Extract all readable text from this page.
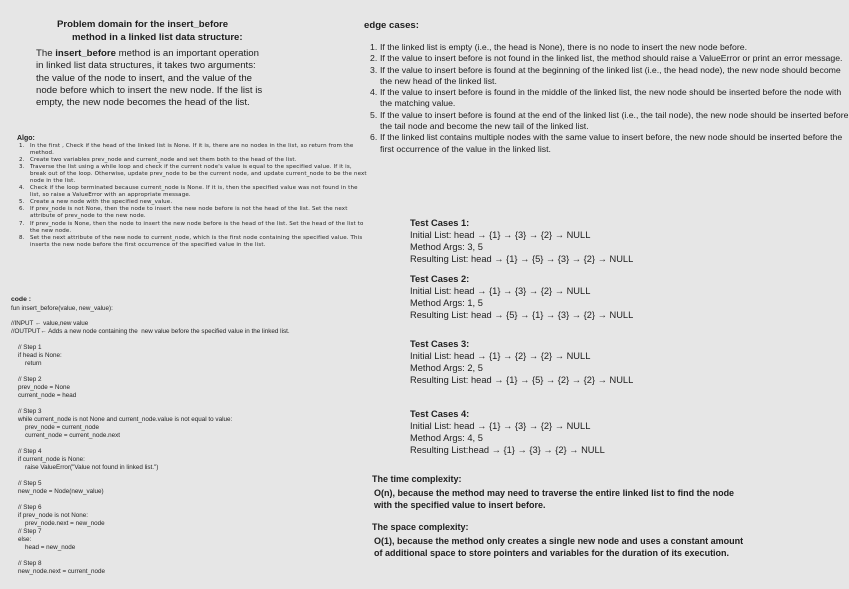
Problem domain for the insert_before
method in a linked list data structure:
The insert_before method is an important operation in linked list data structures, it takes two arguments: the value of the node to insert, and the value of the node before which to insert the new node. If the list is empty, the new node becomes the head of the list.
Algo:
In the first , Check if the head of the linked list is None. If it is, there are no nodes in the list, so return from the method.
Create two variables prev_node and current_node and set them both to the head of the list.
Traverse the list using a while loop and check if the current node's value is equal to the specified value. If it is, break out of the loop. Otherwise, update prev_node to be the current node, and update current_node to be the next node in the list.
Check if the loop terminated because current_node is None. If it is, then the specified value was not found in the list, so raise a ValueError with an appropriate message.
Create a new node with the specified new_value.
If prev_node is not None, then the node to insert the new node before is not the head of the list. Set the next attribute of prev_node to the new node.
If prev_node is None, then the node to insert the new node before is the head of the list. Set the head of the list to the new node.
Set the next attribute of the new node to current_node, which is the first node containing the specified value. This inserts the new node before the first occurrence of the specified value in the list.
code :
fun insert_before(value, new_value):
//INPUT ← value,new value
//OUTPUT← Adds a new node containing the  new value before the specified value in the linked list.

// Step 1
if head is None:
return

// Step 2
prev_node = None
current_node = head

// Step 3
while current_node is not None and current_node.value is not equal to value:
prev_node = current_node
current_node = current_node.next

// Step 4
if current_node is None:
raise ValueError("Value not found in linked list.")

// Step 5
new_node = Node(new_value)

// Step 6
if prev_node is not None:
prev_node.next = new_node
// Step 7
else:
head = new_node

// Step 8
new_node.next = current_node
edge cases:
If the linked list is empty (i.e., the head is None), there is no node to insert the new node before.
If the value to insert before is not found in the linked list, the method should raise a ValueError or print an error message.
If the value to insert before is found at the beginning of the linked list (i.e., the head node), the new node should become the new head of the linked list.
If the value to insert before is found in the middle of the linked list, the new node should be inserted before the node with the matching value.
If the value to insert before is found at the end of the linked list (i.e., the tail node), the new node should be inserted before the tail node and become the new tail of the linked list.
If the linked list contains multiple nodes with the same value to insert before, the new node should be inserted before the first occurrence of the value in the linked list.
Test Cases 1:
Initial List: head → {1} → {3} → {2} → NULL
Method Args: 3, 5
Resulting List: head → {1} → {5} → {3} → {2} → NULL
Test Cases 2:
Initial List: head → {1} → {3} → {2} → NULL
Method Args: 1, 5
Resulting List: head → {5} → {1} → {3} → {2} → NULL
Test Cases 3:
Initial List: head → {1} → {2} → {2} → NULL
Method Args: 2, 5
Resulting List: head → {1} → {5} → {2} → {2} → NULL
Test Cases 4:
Initial List: head → {1} → {3} → {2} → NULL
Method Args: 4, 5
Resulting List:head → {1} → {3} → {2} → NULL
The time complexity:
O(n), because the method may need to traverse the entire linked list to find the node with the specified value to insert before.
The space complexity:
O(1), because the method only creates a single new node and uses a constant amount of additional space to store pointers and variables for the duration of its execution.
